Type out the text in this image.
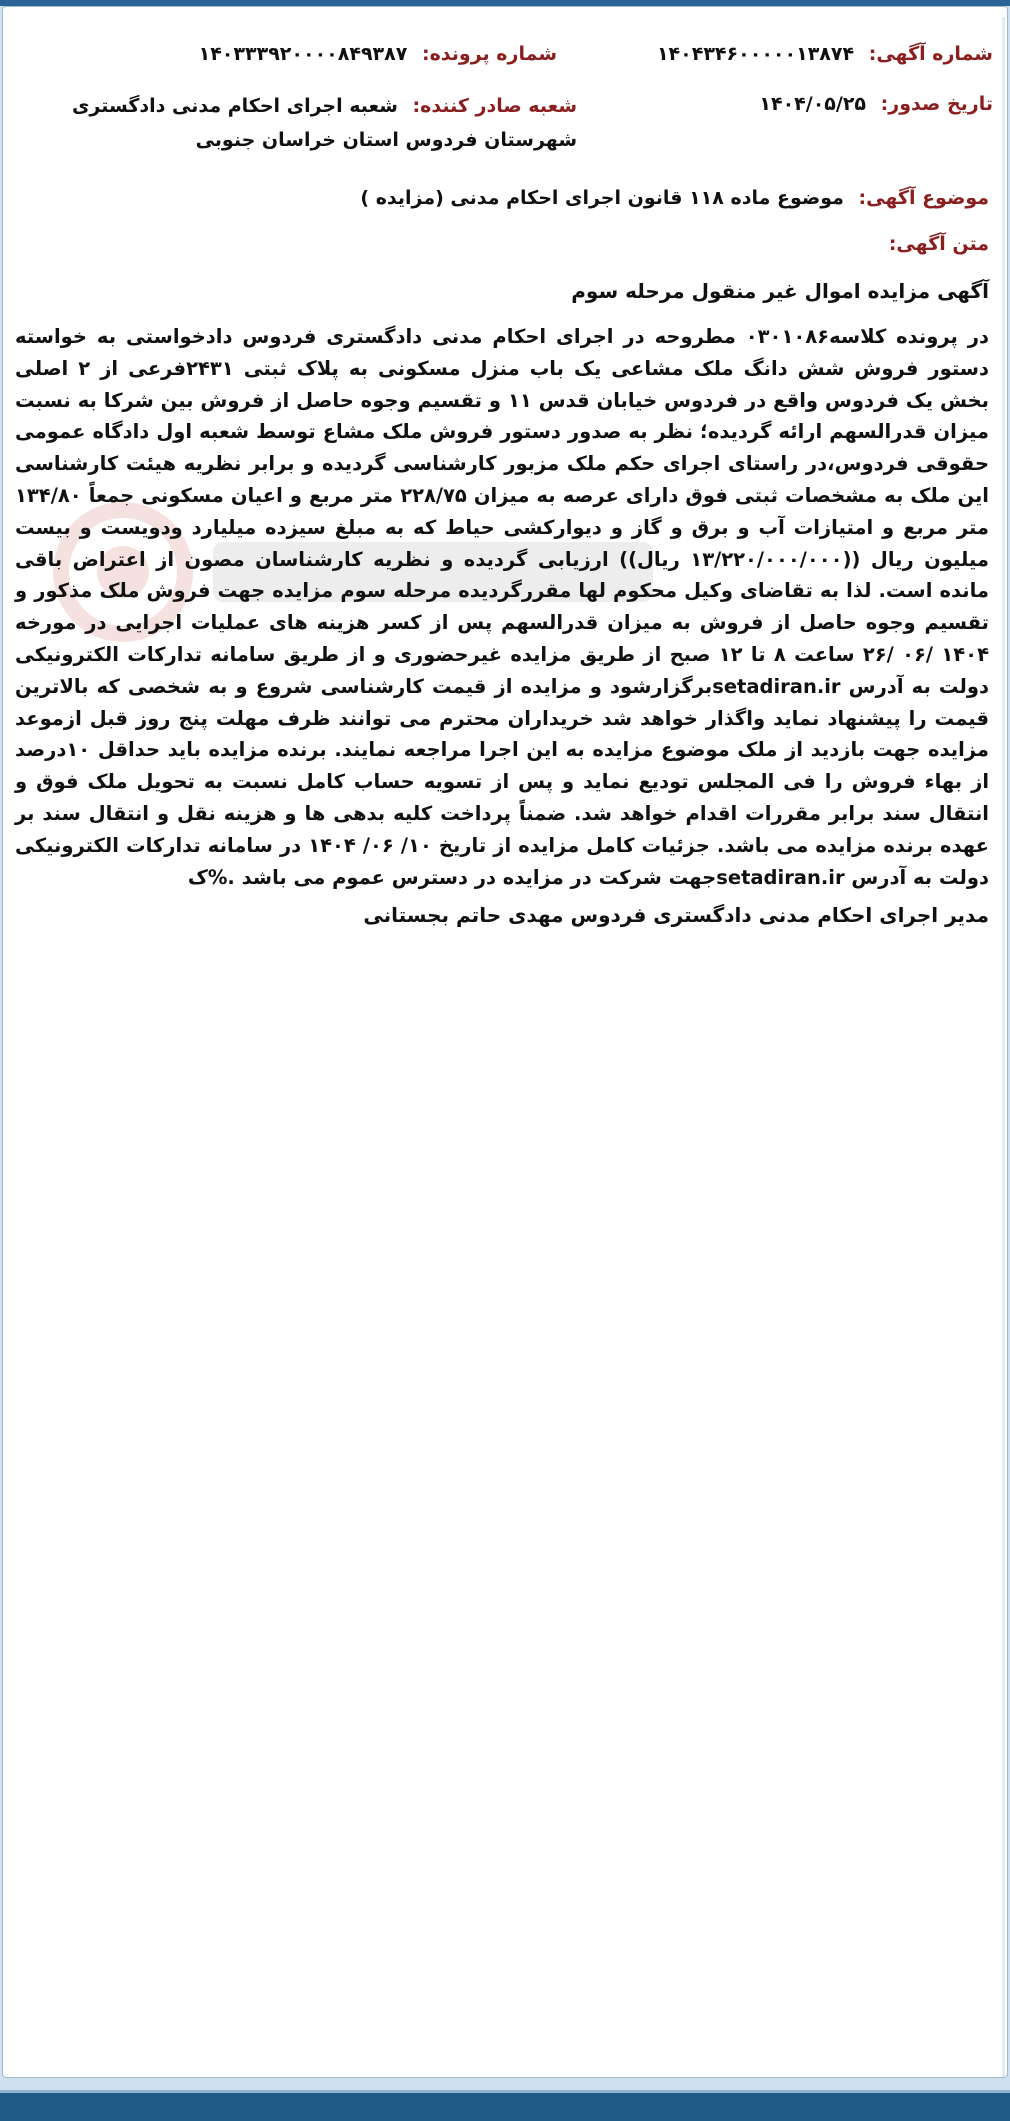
شماره آگهی: ۱۴۰۴۳۴۶۰۰۰۰۰۱۳۸۷۴
شماره پرونده: ۱۴۰۳۳۳۹۲۰۰۰۰۸۴۹۳۸۷
تاریخ صدور: ۱۴۰۴/۰۵/۲۵
شعبه صادر کننده: شعبه اجرای احکام مدنی دادگستری شهرستان فردوس استان خراسان جنوبی
موضوع آگهی: موضوع ماده ۱۱۸ قانون اجرای احکام مدنی (مزایده )
متن آگهی:
آگهی مزایده اموال غیر منقول مرحله سوم
در پرونده کلاسه۰۳۰۱۰۸۶ مطروحه در اجرای احکام مدنی دادگستری فردوس دادخواستی به خواسته دستور فروش شش دانگ ملک مشاعی یک باب منزل مسکونی به پلاک ثبتی ۲۴۳۱فرعی از ۲ اصلی بخش یک فردوس واقع در فردوس خیابان قدس ۱۱ و تقسیم وجوه حاصل از فروش بین شرکا به نسبت میزان قدرالسهم ارائه گردیده؛ نظر به صدور دستور فروش ملک مشاع توسط شعبه اول دادگاه عمومی حقوقی فردوس،در راستای اجرای حکم ملک مزبور کارشناسی گردیده و برابر نظریه هیئت کارشناسی این ملک به مشخصات ثبتی فوق دارای عرصه به میزان ۲۲۸/۷۵ متر مربع و اعیان مسکونی جمعاً ۱۳۴/۸۰ متر مربع و امتیازات آب و برق و گاز و دیوارکشی حیاط که به مبلغ سیزده میلیارد ودویست و بیست میلیون ریال ((۱۳/۲۲۰/۰۰۰/۰۰۰ ریال)) ارزیابی گردیده و نظریه کارشناسان مصون از اعتراض باقی مانده است. لذا به تقاضای وکیل محکوم لها مقررگردیده مرحله سوم مزایده جهت فروش ملک مذکور و تقسیم وجوه حاصل از فروش به میزان قدرالسهم پس از کسر هزینه های عملیات اجرایی در مورخه ۱۴۰۴ /۰۶ /۲۶ ساعت ۸ تا ۱۲ صبح از طریق مزایده غیرحضوری و از طریق سامانه تدارکات الکترونیکی دولت به آدرس setadiran.irبرگزارشود و مزایده از قیمت کارشناسی شروع و به شخصی که بالاترین قیمت را پیشنهاد نماید واگذار خواهد شد خریداران محترم می توانند ظرف مهلت پنج روز قبل ازموعد مزایده جهت بازدید از ملک موضوع مزایده به این اجرا مراجعه نمایند. برنده مزایده باید حداقل ۱۰درصد از بهاء فروش را فی المجلس توديع نماید و پس از تسویه حساب کامل نسبت به تحویل ملک فوق و انتقال سند برابر مقررات اقدام خواهد شد. ضمناً پرداخت کلیه بدهی ها و هزینه نقل و انتقال سند بر عهده برنده مزایده می باشد. جزئیات کامل مزایده از تاریخ ۱۰/ ۰۶/ ۱۴۰۴ در سامانه تدارکات الکترونیکی دولت به آدرس setadiran.irجهت شرکت در مزایده در دسترس عموم می باشد .%ک
مدیر اجرای احکام مدنی دادگستری فردوس مهدی حاتم بجستانی
